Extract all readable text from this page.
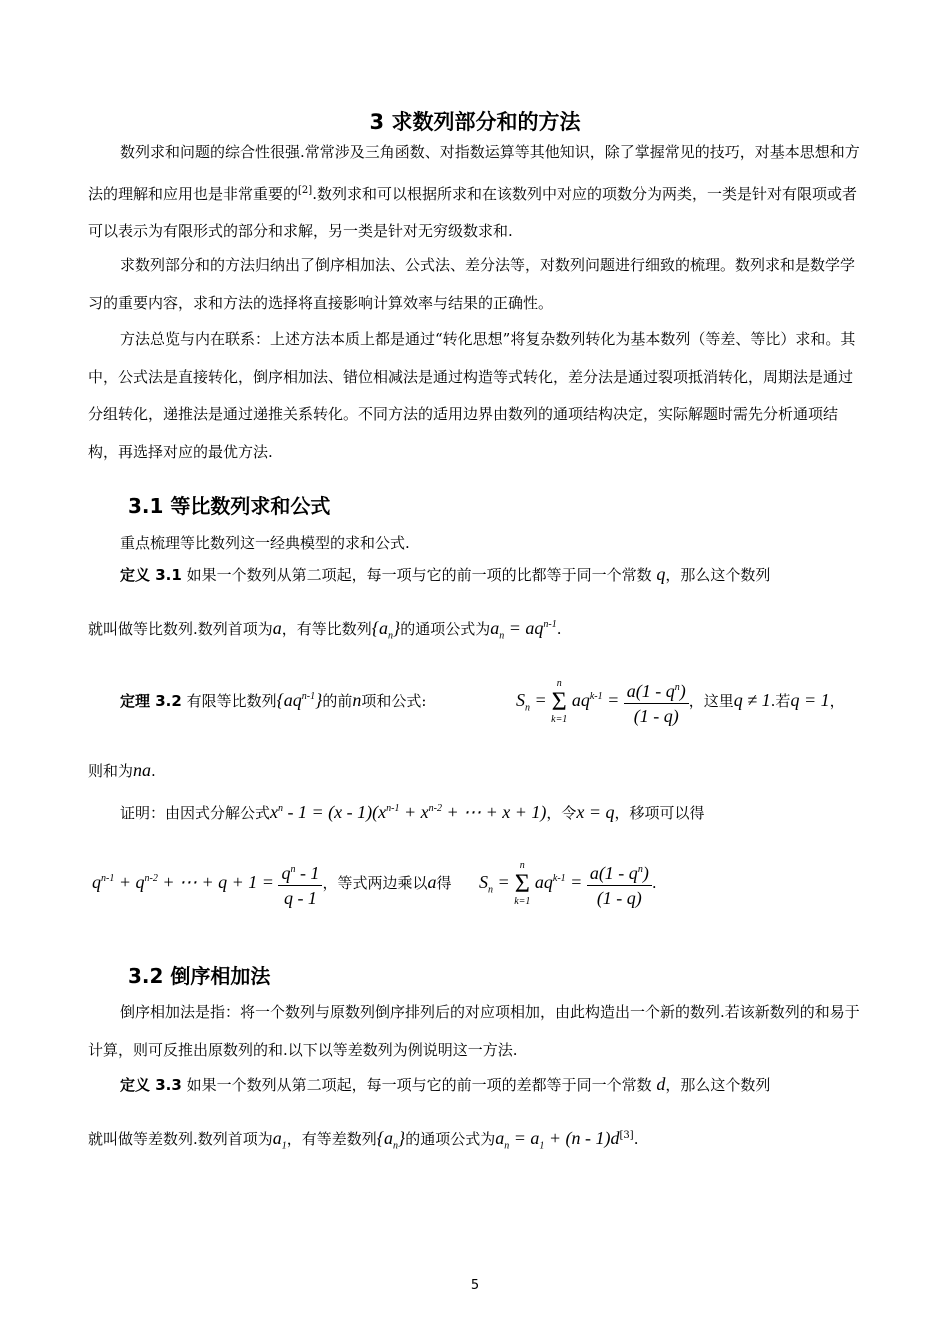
3 求数列部分和的方法
数列求和问题的综合性很强.常常涉及三角函数、对指数运算等其他知识，除了掌握常见的技巧，对基本思想和方法的理解和应用也是非常重要的[2].数列求和可以根据所求和在该数列中对应的项数分为两类，一类是针对有限项或者可以表示为有限形式的部分和求解，另一类是针对无穷级数求和.
求数列部分和的方法归纳出了倒序相加法、公式法、差分法等，对数列问题进行细致的梳理。数列求和是数学学习的重要内容，求和方法的选择将直接影响计算效率与结果的正确性。
方法总览与内在联系：上述方法本质上都是通过“转化思想”将复杂数列转化为基本数列（等差、等比）求和。其中，公式法是直接转化，倒序相加法、错位相减法是通过构造等式转化，差分法是通过裂项抵消转化，周期法是通过分组转化，递推法是通过递推关系转化。不同方法的适用边界由数列的通项结构决定，实际解题时需先分析通项结构，再选择对应的最优方法.
3.1 等比数列求和公式
重点梳理等比数列这一经典模型的求和公式.
定义 3.1 如果一个数列从第二项起，每一项与它的前一项的比都等于同一个常数 q，那么这个数列
就叫做等比数列.数列首项为a，有等比数列$\{a_n\}$的通项公式为$a_n = aq^{n-1}$.
定理 3.2 有限等比数列$\{aq^{n-1}\}$的前n项和公式:	$S_n$ =
n
Σ
k=1
$aq^{k-1} = \frac{a(1 - q^n)}{(1 - q)}$ ，这里q ≠ 1.若q = 1，
则和为na.
证明：由因式分解公式$x^n - 1 = (x - 1)(x^{n-1} + x^{n-2}$ + ⋯ + x + 1)，令x = q，移项可以得
$q^{n-1} + q^{n-2}$ + ⋯ + $q + 1 = \frac{q^n - 1}{q - 1}$ ，等式两边乘以a得 $S_n$ =
n
Σ
k=1
$aq^{k-1} = \frac{a(1 - q^n)}{(1 - q)}$ .
3.2 倒序相加法
倒序相加法是指：将一个数列与原数列倒序排列后的对应项相加，由此构造出一个新的数列.若该新数列的和易于计算，则可反推出原数列的和.以下以等差数列为例说明这一方法.
定义 3.3 如果一个数列从第二项起，每一项与它的前一项的差都等于同一个常数 d，那么这个数列
就叫做等差数列.数列首项为$a_1$，有等差数列$\{a_n\}$的通项公式为$a_n = a_1 + (n - 1)d[3]$.
5
